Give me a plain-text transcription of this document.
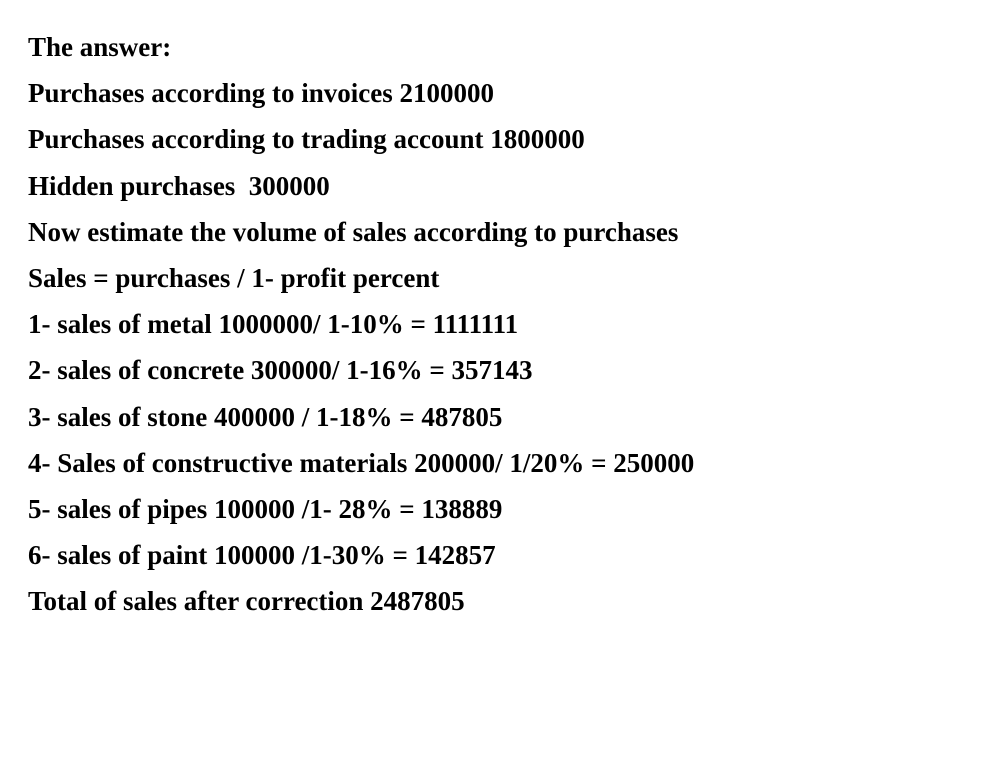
The answer:

Purchases according to invoices 2100000

Purchases according to trading account 1800000

Hidden purchases  300000

Now estimate the volume of sales according to purchases

Sales = purchases / 1- profit percent

1- sales of metal 1000000/ 1-10% = 1111111

2- sales of concrete 300000/ 1-16% = 357143

3- sales of stone 400000 / 1-18% = 487805

4- Sales of constructive materials 200000/ 1/20% = 250000

5- sales of pipes 100000 /1- 28% = 138889

6- sales of paint 100000 /1-30% = 142857

Total of sales after correction 2487805
